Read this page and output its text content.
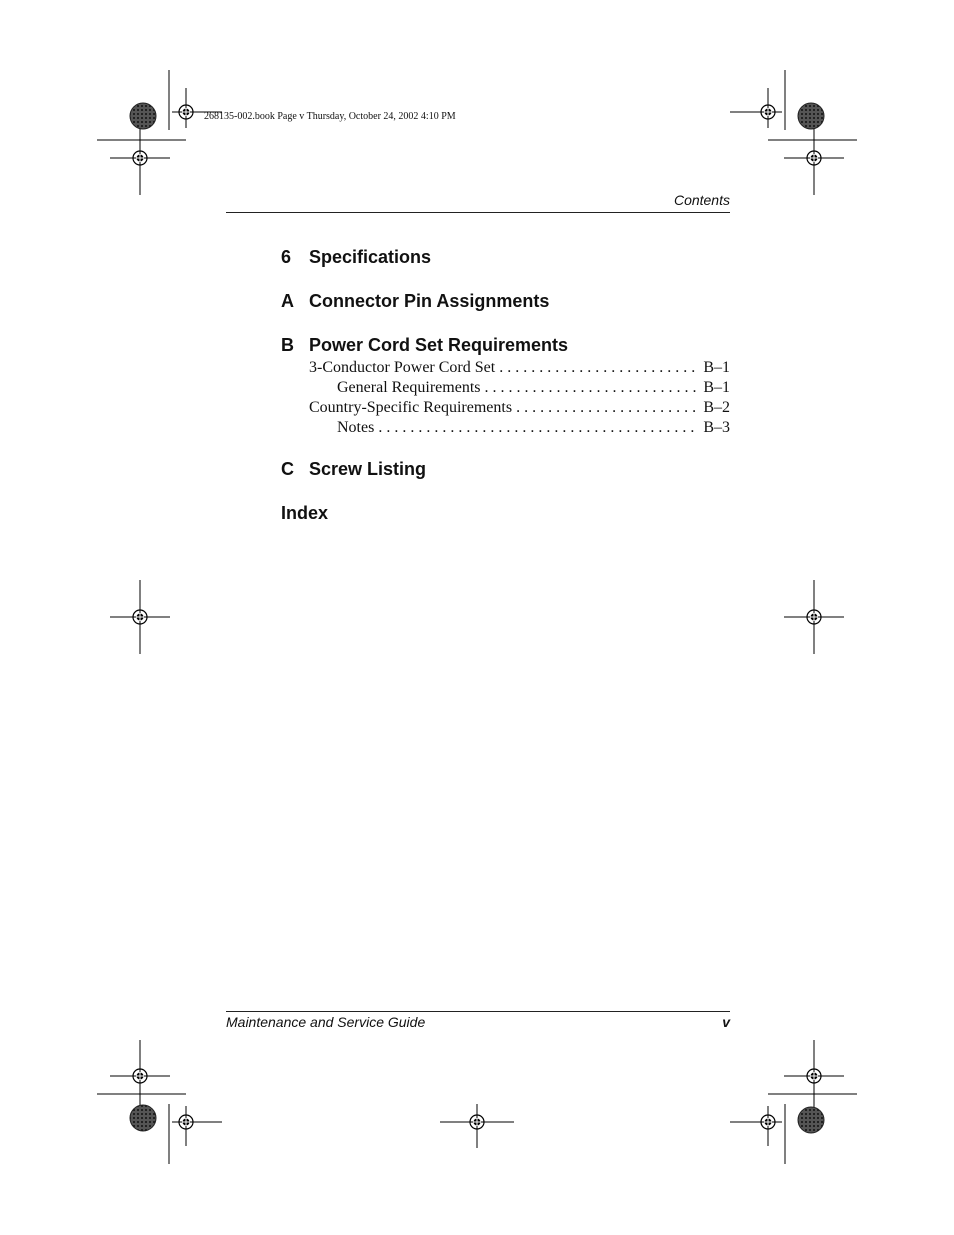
268135-002.book Page v Thursday, October 24, 2002 4:10 PM
Contents
6 Specifications
A Connector Pin Assignments
B Power Cord Set Requirements
3-Conductor Power Cord Set . . .	B–1
General Requirements . . .	B–1
Country-Specific Requirements . . .	B–2
Notes . . .	B–3
C Screw Listing
Index
Maintenance and Service Guide	v
